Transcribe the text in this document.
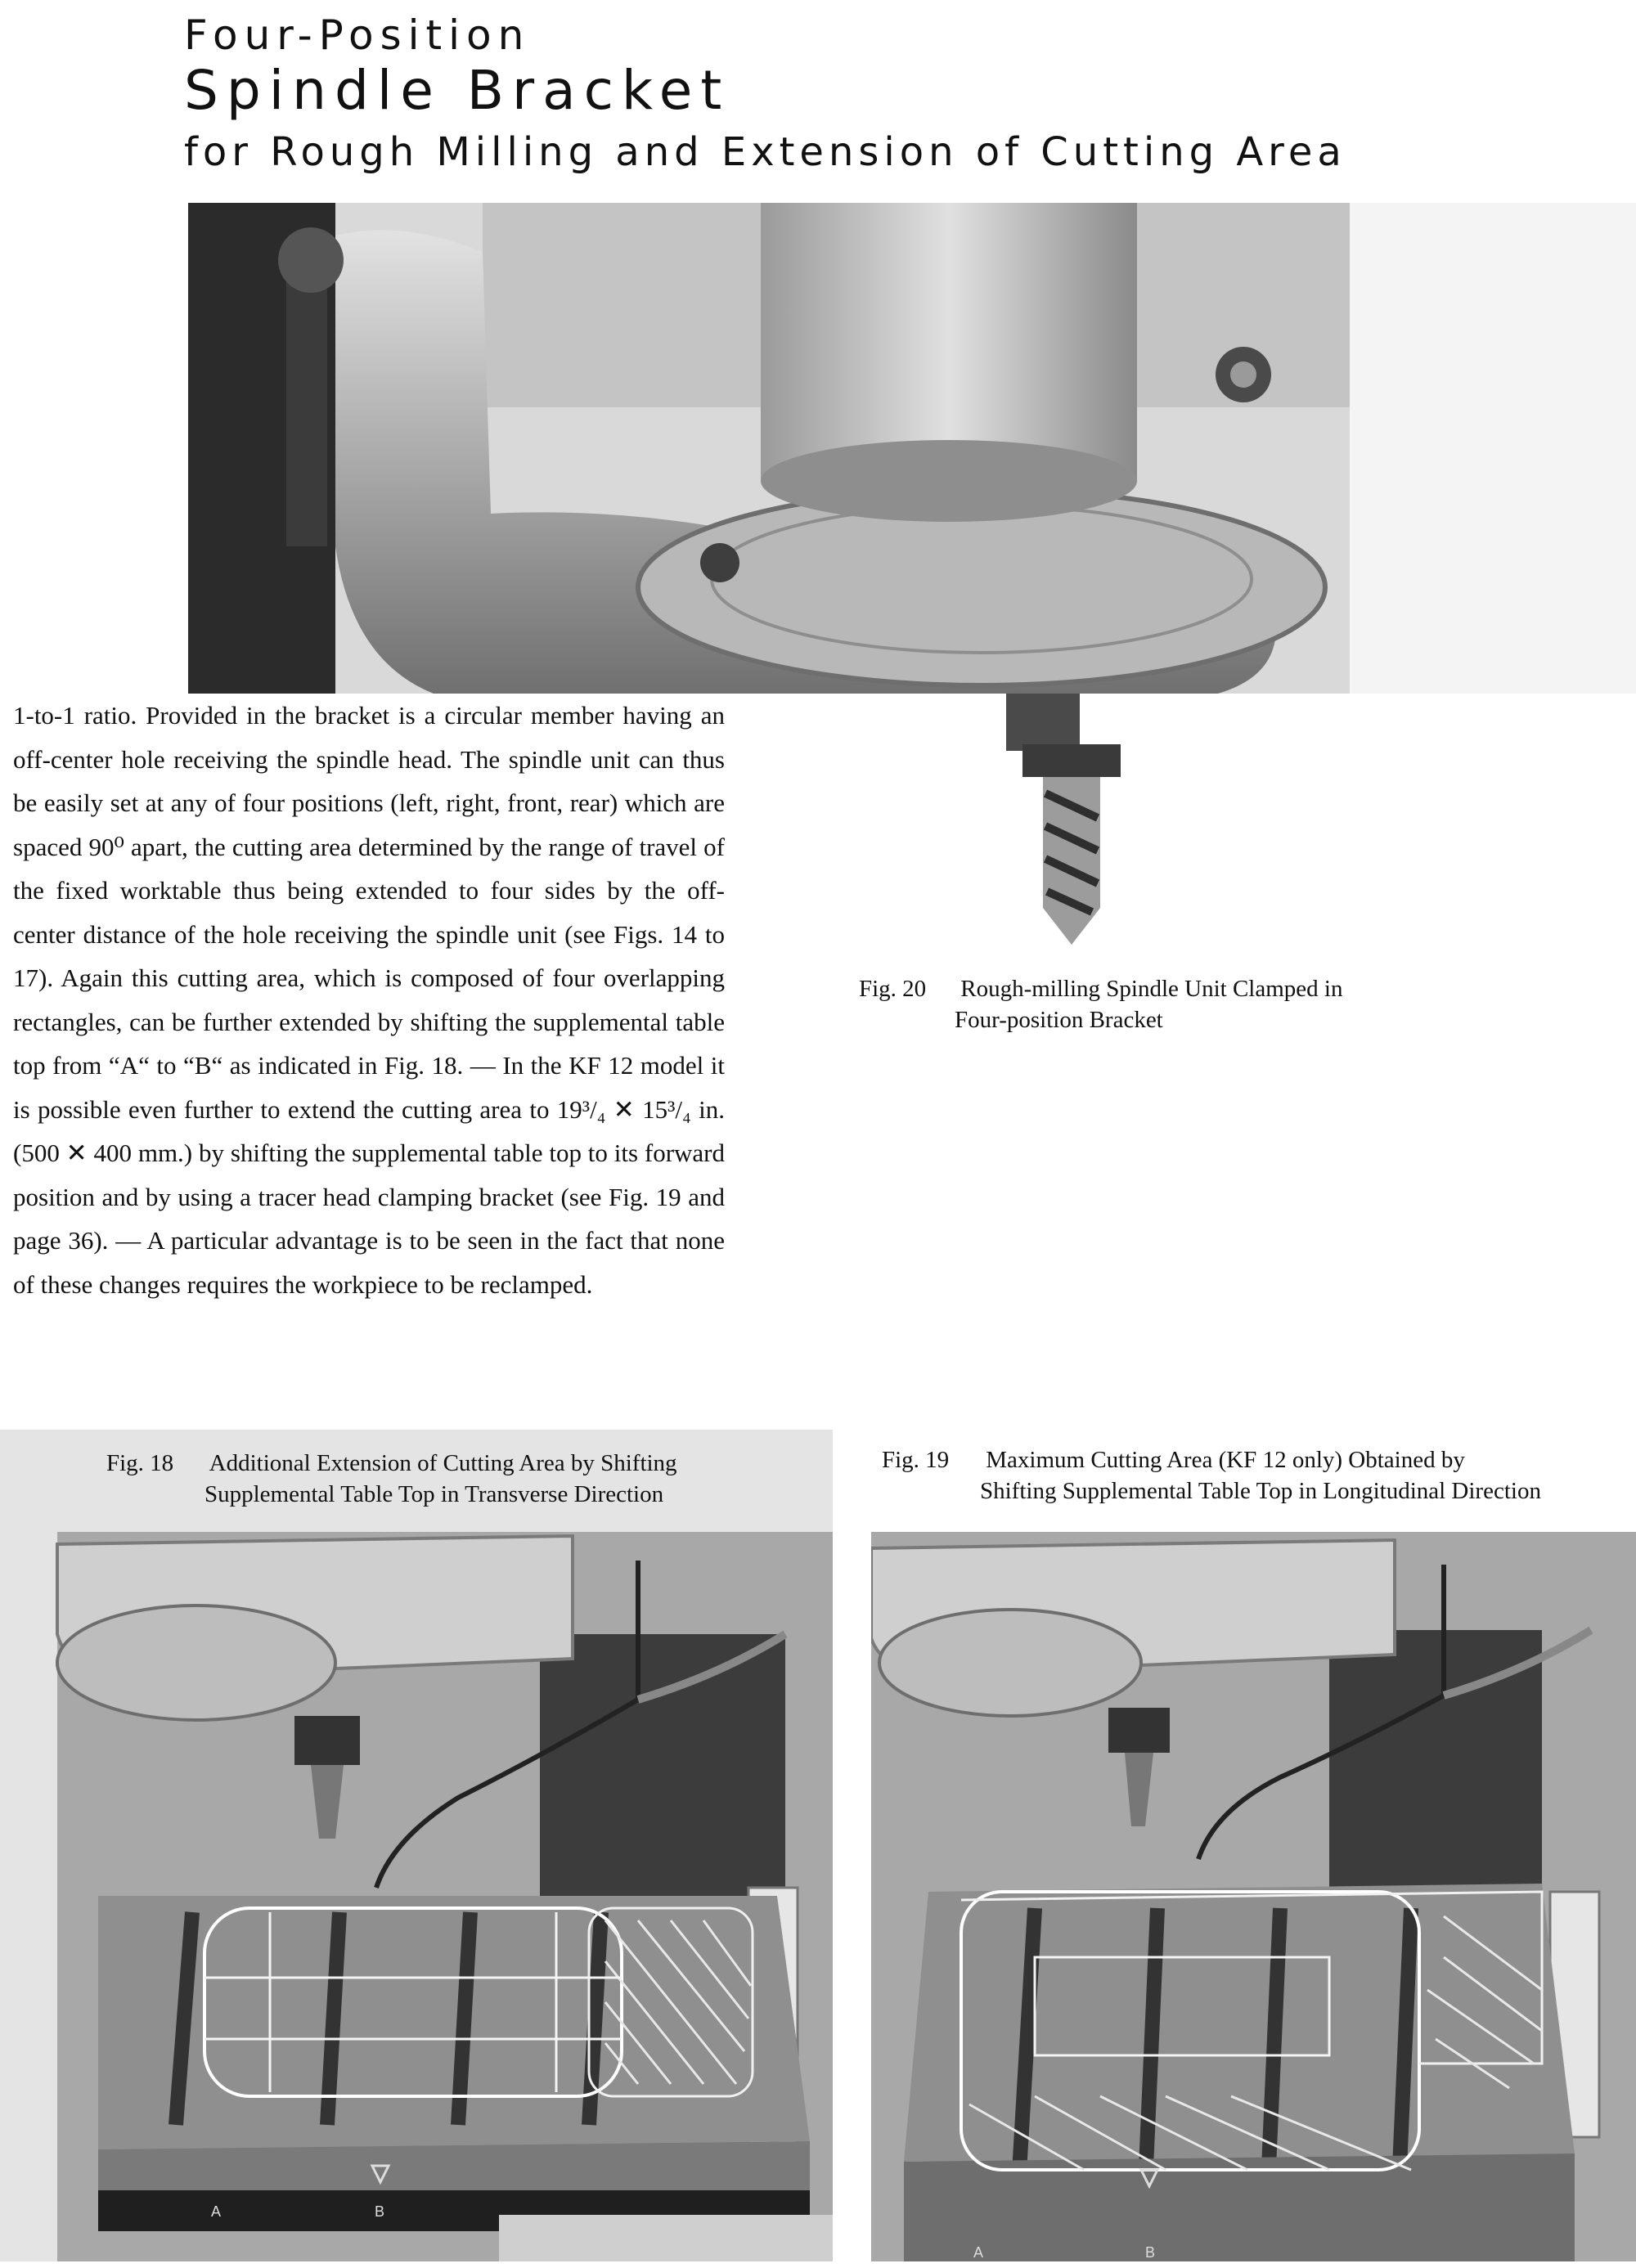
Four-Position
Spindle Bracket
for Rough Milling and Extension of Cutting Area

1-to-1 ratio. Provided in the bracket is a circular member having an off-center hole receiving the spindle head. The spindle unit can thus be easily set at any of four positions (left, right, front, rear) which are spaced 90⁰ apart, the cutting area determined by the range of travel of the fixed worktable thus being extended to four sides by the off-center distance of the hole receiving the spindle unit (see Figs. 14 to 17). Again this cutting area, which is composed of four overlapping rectangles, can be further extended by shifting the supplemental table top from “A“ to “B“ as indicated in Fig. 18. — In the KF 12 model it is possible even further to extend the cutting area to 19³/₄ ✕ 15³/₄ in. (500 ✕ 400 mm.) by shifting the supplemental table top to its forward position and by using a tracer head clamping bracket (see Fig. 19 and page 36). — A particular advantage is to be seen in the fact that none of these changes requires the workpiece to be reclamped.

Fig. 20 Rough-milling Spindle Unit Clamped in
Four-position Bracket
A	B
Fig. 18 Additional Extension of Cutting Area by Shifting
Supplemental Table Top in Transverse Direction
Fig. 19 Maximum Cutting Area (KF 12 only) Obtained by
Shifting Supplemental Table Top in Longitudinal Direction
A	B
